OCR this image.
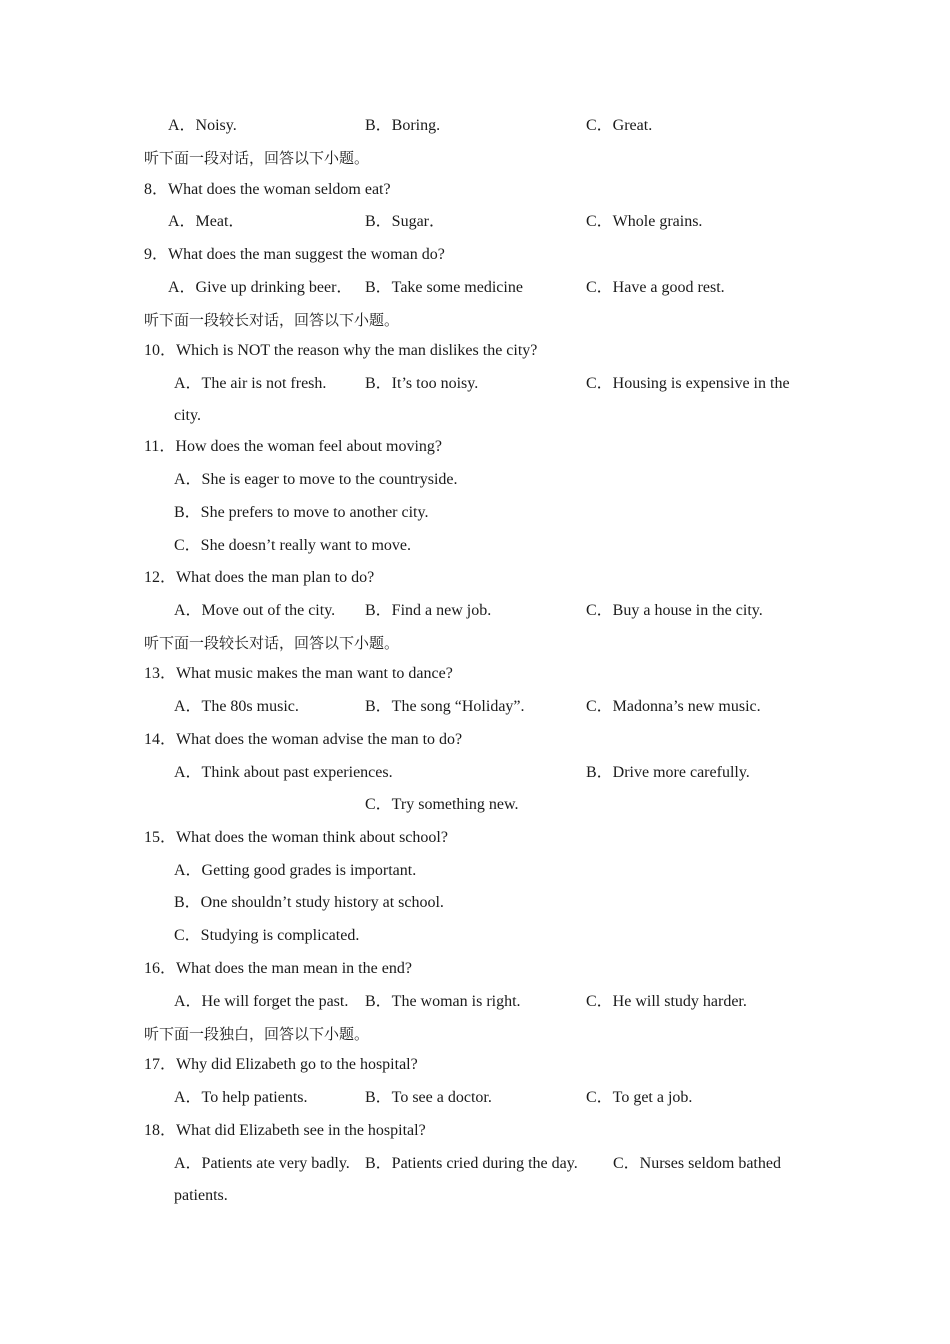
A．Noisy.	B．Boring.	C．Great.
听下面一段对话，回答以下小题。
8．What does the woman seldom eat?
A．Meat．	B．Sugar．	C．Whole grains.
9．What does the man suggest the woman do?
A．Give up drinking beer． B．Take some medicine	C．Have a good rest.
听下面一段较长对话，回答以下小题。
10．Which is NOT the reason why the man dislikes the city?
A．The air is not fresh. B．It’s too noisy.	C．Housing is expensive in the
city.
11．How does the woman feel about moving?
A．She is eager to move to the countryside.
B．She prefers to move to another city.
C．She doesn’t really want to move.
12．What does the man plan to do?
A．Move out of the city. B．Find a new job.	C．Buy a house in the city.
听下面一段较长对话，回答以下小题。
13．What music makes the man want to dance?
A．The 80s music.	B．The song “Holiday”.	C．Madonna’s new music.
14．What does the woman advise the man to do?
A．Think about past experiences.	B．Drive more carefully.
C．Try something new.
15．What does the woman think about school?
A．Getting good grades is important.
B．One shouldn’t study history at school.
C．Studying is complicated.
16．What does the man mean in the end?
A．He will forget the past. B．The woman is right.	C．He will study harder.
听下面一段独白，回答以下小题。
17．Why did Elizabeth go to the hospital?
A．To help patients.	B．To see a doctor.	C．To get a job.
18．What did Elizabeth see in the hospital?
A．Patients ate very badly. B．Patients cried during the day. C．Nurses seldom bathed
patients.
